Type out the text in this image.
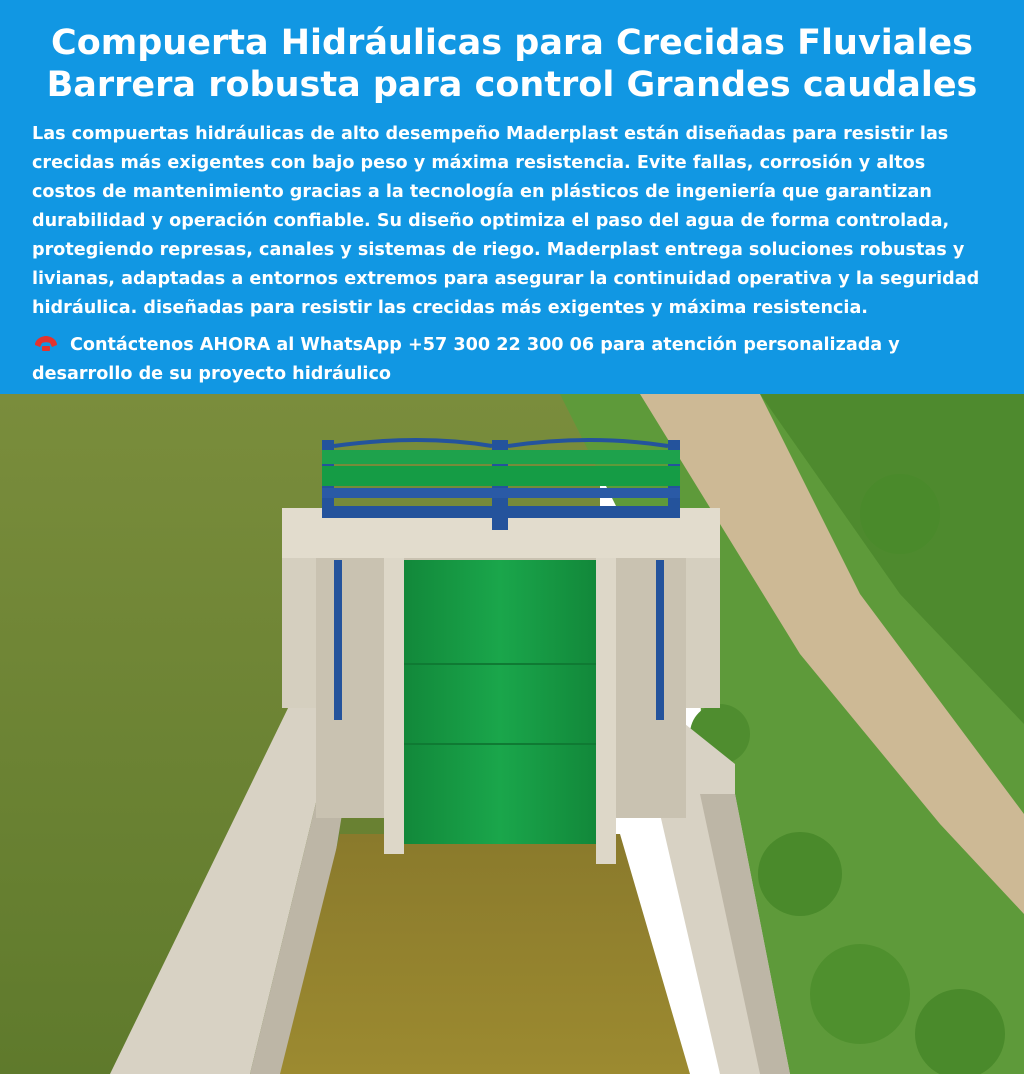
Compuerta Hidráulicas para Crecidas Fluviales
Barrera robusta para control Grandes caudales

Las compuertas hidráulicas de alto desempeño Maderplast están diseñadas para resistir las crecidas más exigentes con bajo peso y máxima resistencia. Evite fallas, corrosión y altos costos de mantenimiento gracias a la tecnología en plásticos de ingeniería que garantizan durabilidad y operación confiable. Su diseño optimiza el paso del agua de forma controlada, protegiendo represas, canales y sistemas de riego. Maderplast entrega soluciones robustas y livianas, adaptadas a entornos extremos para asegurar la continuidad operativa y la seguridad hidráulica. diseñadas para resistir las crecidas más exigentes y máxima resistencia.

Contáctenos AHORA al WhatsApp +57 300 22 300 06 para atención personalizada y desarrollo de su proyecto hidráulico
